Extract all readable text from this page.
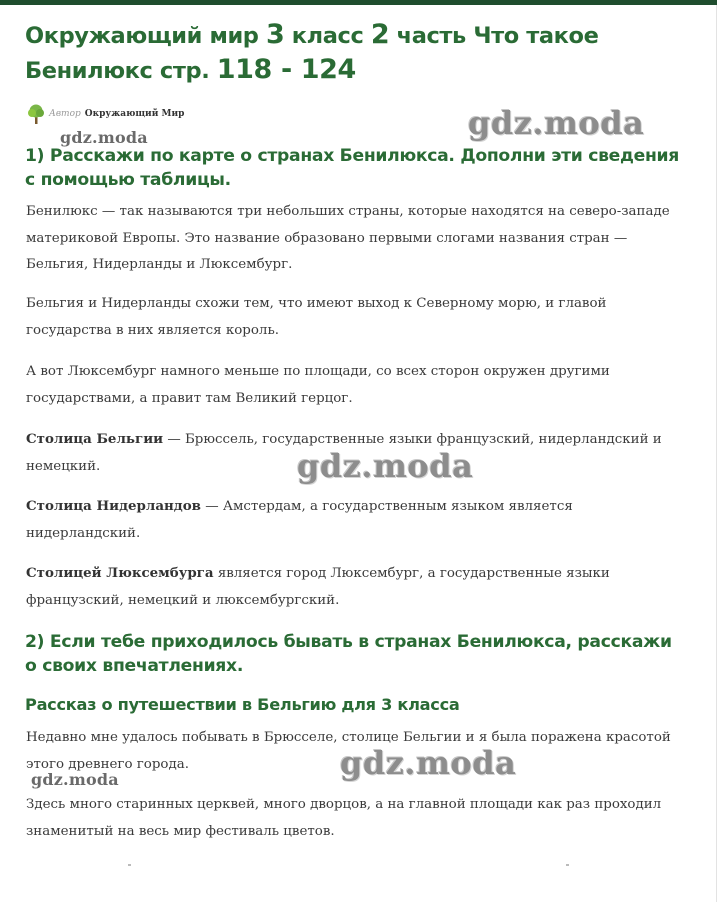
Окружающий мир 3 класс 2 часть Что такое Бенилюкс стр. 118 - 124
Автор Окружающий Мир
gdz.moda	gdz.moda
1) Расскажи по карте о странах Бенилюкса. Дополни эти сведения с помощью таблицы.

Бенилюкс — так называются три небольших страны, которые находятся на северо-западе материковой Европы. Это название образовано первыми слогами названия стран — Бельгия, Нидерланды и Люксембург.

Бельгия и Нидерланды схожи тем, что имеют выход к Северному морю, и главой государства в них является король.

А вот Люксембург намного меньше по площади, со всех сторон окружен другими государствами, а правит там Великий герцог.

Столица Бельгии — Брюссель, государственные языки французский, нидерландский и немецкий.	gdz.moda

Столица Нидерландов — Амстердам, а государственным языком является нидерландский.

Столицей Люксембурга является город Люксембург, а государственные языки французский, немецкий и люксембургский.

2) Если тебе приходилось бывать в странах Бенилюкса, расскажи о своих впечатлениях.
Рассказ о путешествии в Бельгию для 3 класса

Недавно мне удалось побывать в Брюсселе, столице Бельгии и я была поражена красотой этого древнего города.	gdz.moda
gdz.moda

Здесь много старинных церквей, много дворцов, а на главной площади как раз проходил знаменитый на весь мир фестиваль цветов.
